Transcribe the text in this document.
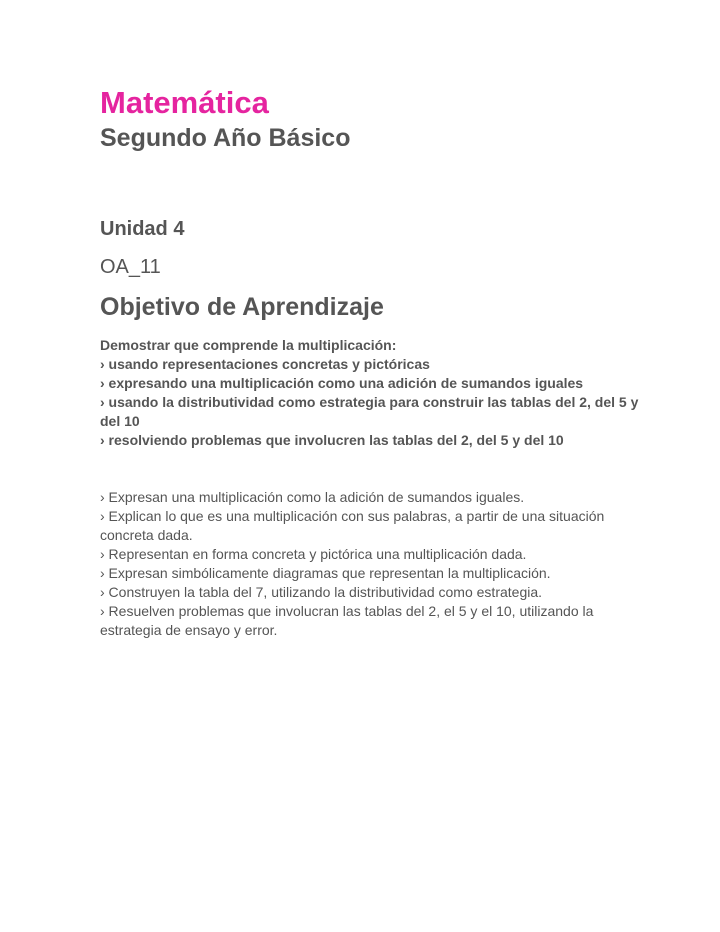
Matemática
Segundo Año Básico
Unidad 4
OA_11
Objetivo de Aprendizaje

Demostrar que comprende la multiplicación:

› usando representaciones concretas y pictóricas

› expresando una multiplicación como una adición de sumandos iguales

› usando la distributividad como estrategia para construir las tablas del 2, del 5 y del 10

› resolviendo problemas que involucren las tablas del 2, del 5 y del 10

› Expresan una multiplicación como la adición de sumandos iguales.

› Explican lo que es una multiplicación con sus palabras, a partir de una situación concreta dada.

› Representan en forma concreta y pictórica una multiplicación dada.

› Expresan simbólicamente diagramas que representan la multiplicación.

› Construyen la tabla del 7, utilizando la distributividad como estrategia.

› Resuelven problemas que involucran las tablas del 2, el 5 y el 10, utilizando la estrategia de ensayo y error.
